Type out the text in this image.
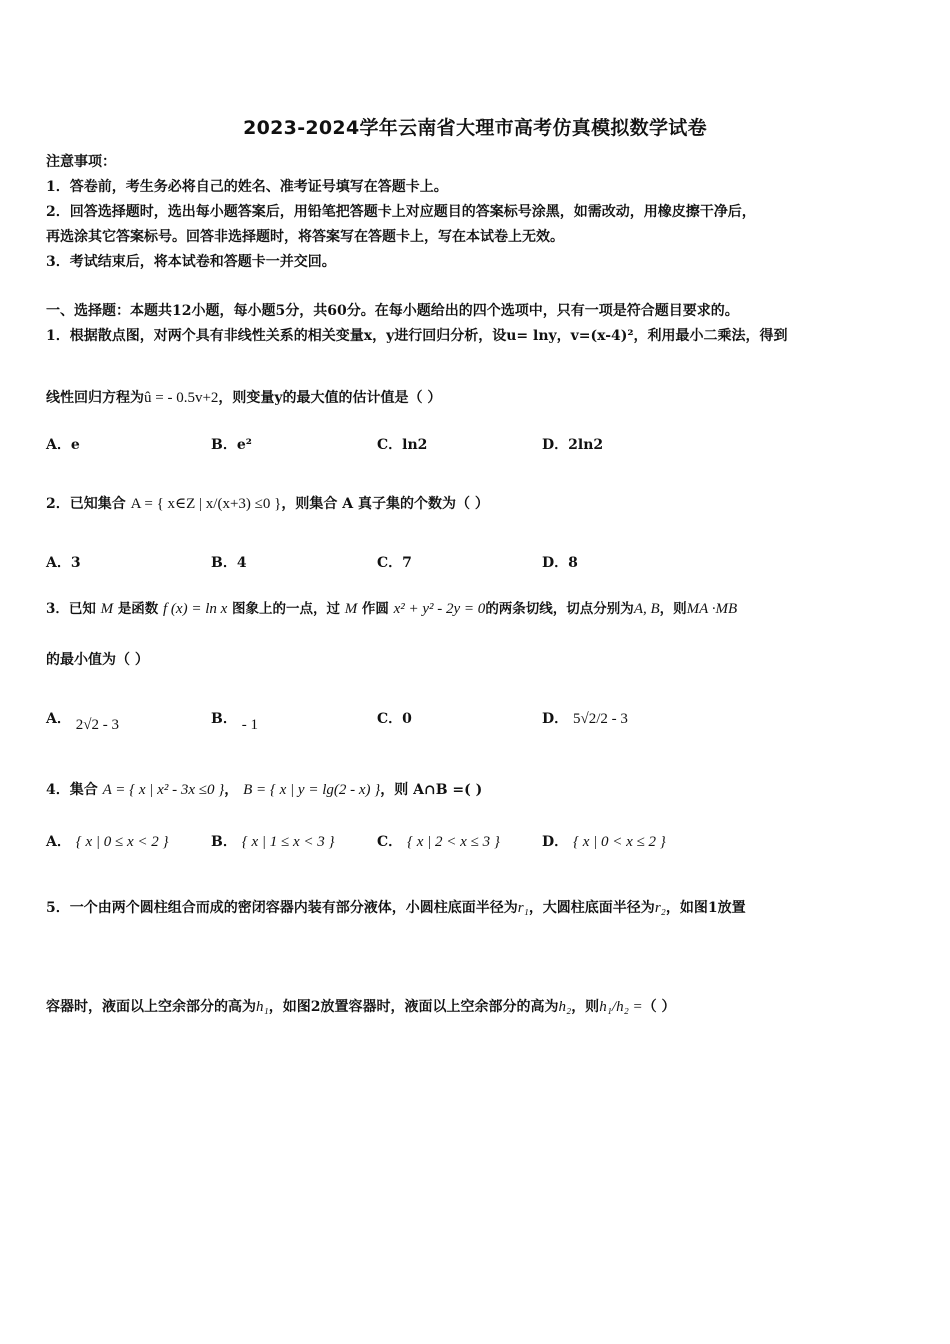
2023-2024学年云南省大理市高考仿真模拟数学试卷
注意事项：
1．答卷前，考生务必将自己的姓名、准考证号填写在答题卡上。
2．回答选择题时，选出每小题答案后，用铅笔把答题卡上对应题目的答案标号涂黑，如需改动，用橡皮擦干净后，
再选涂其它答案标号。回答非选择题时，将答案写在答题卡上，写在本试卷上无效。
3．考试结束后，将本试卷和答题卡一并交回。
一、选择题：本题共12小题，每小题5分，共60分。在每小题给出的四个选项中，只有一项是符合题目要求的。
1．根据散点图，对两个具有非线性关系的相关变量x，y进行回归分析，设u= lny，v=(x-4)²，利用最小二乘法，得到
线性回归方程为û = - 0.5v+2，则变量y的最大值的估计值是（ ）
A．e	B．e²	C．ln2	D．2ln2
2．已知集合 A = { x∈Z | x/(x+3) ≤0 }，则集合 A 真子集的个数为（ ）
A．3	B．4	C．7	D．8
3．已知 M 是函数 f (x) = ln x 图象上的一点，过 M 作圆 x² + y² - 2y = 0的两条切线，切点分别为A, B，则MA ·MB
的最小值为（ ）
A． 2√2 - 3	B． - 1	C．0	D． 5√2/2 - 3
4．集合 A = { x | x² - 3x ≤0 }， B = { x | y = lg(2 - x) }，则 A∩B =( )
A． { x | 0 ≤ x < 2 }	B． { x | 1 ≤ x < 3 }	C． { x | 2 < x ≤ 3 }	D． { x | 0 < x ≤ 2 }
5．一个由两个圆柱组合而成的密闭容器内装有部分液体，小圆柱底面半径为r₁，大圆柱底面半径为r₂，如图1放置
容器时，液面以上空余部分的高为h₁，如图2放置容器时，液面以上空余部分的高为h₂，则h₁/h₂ =（ ）
